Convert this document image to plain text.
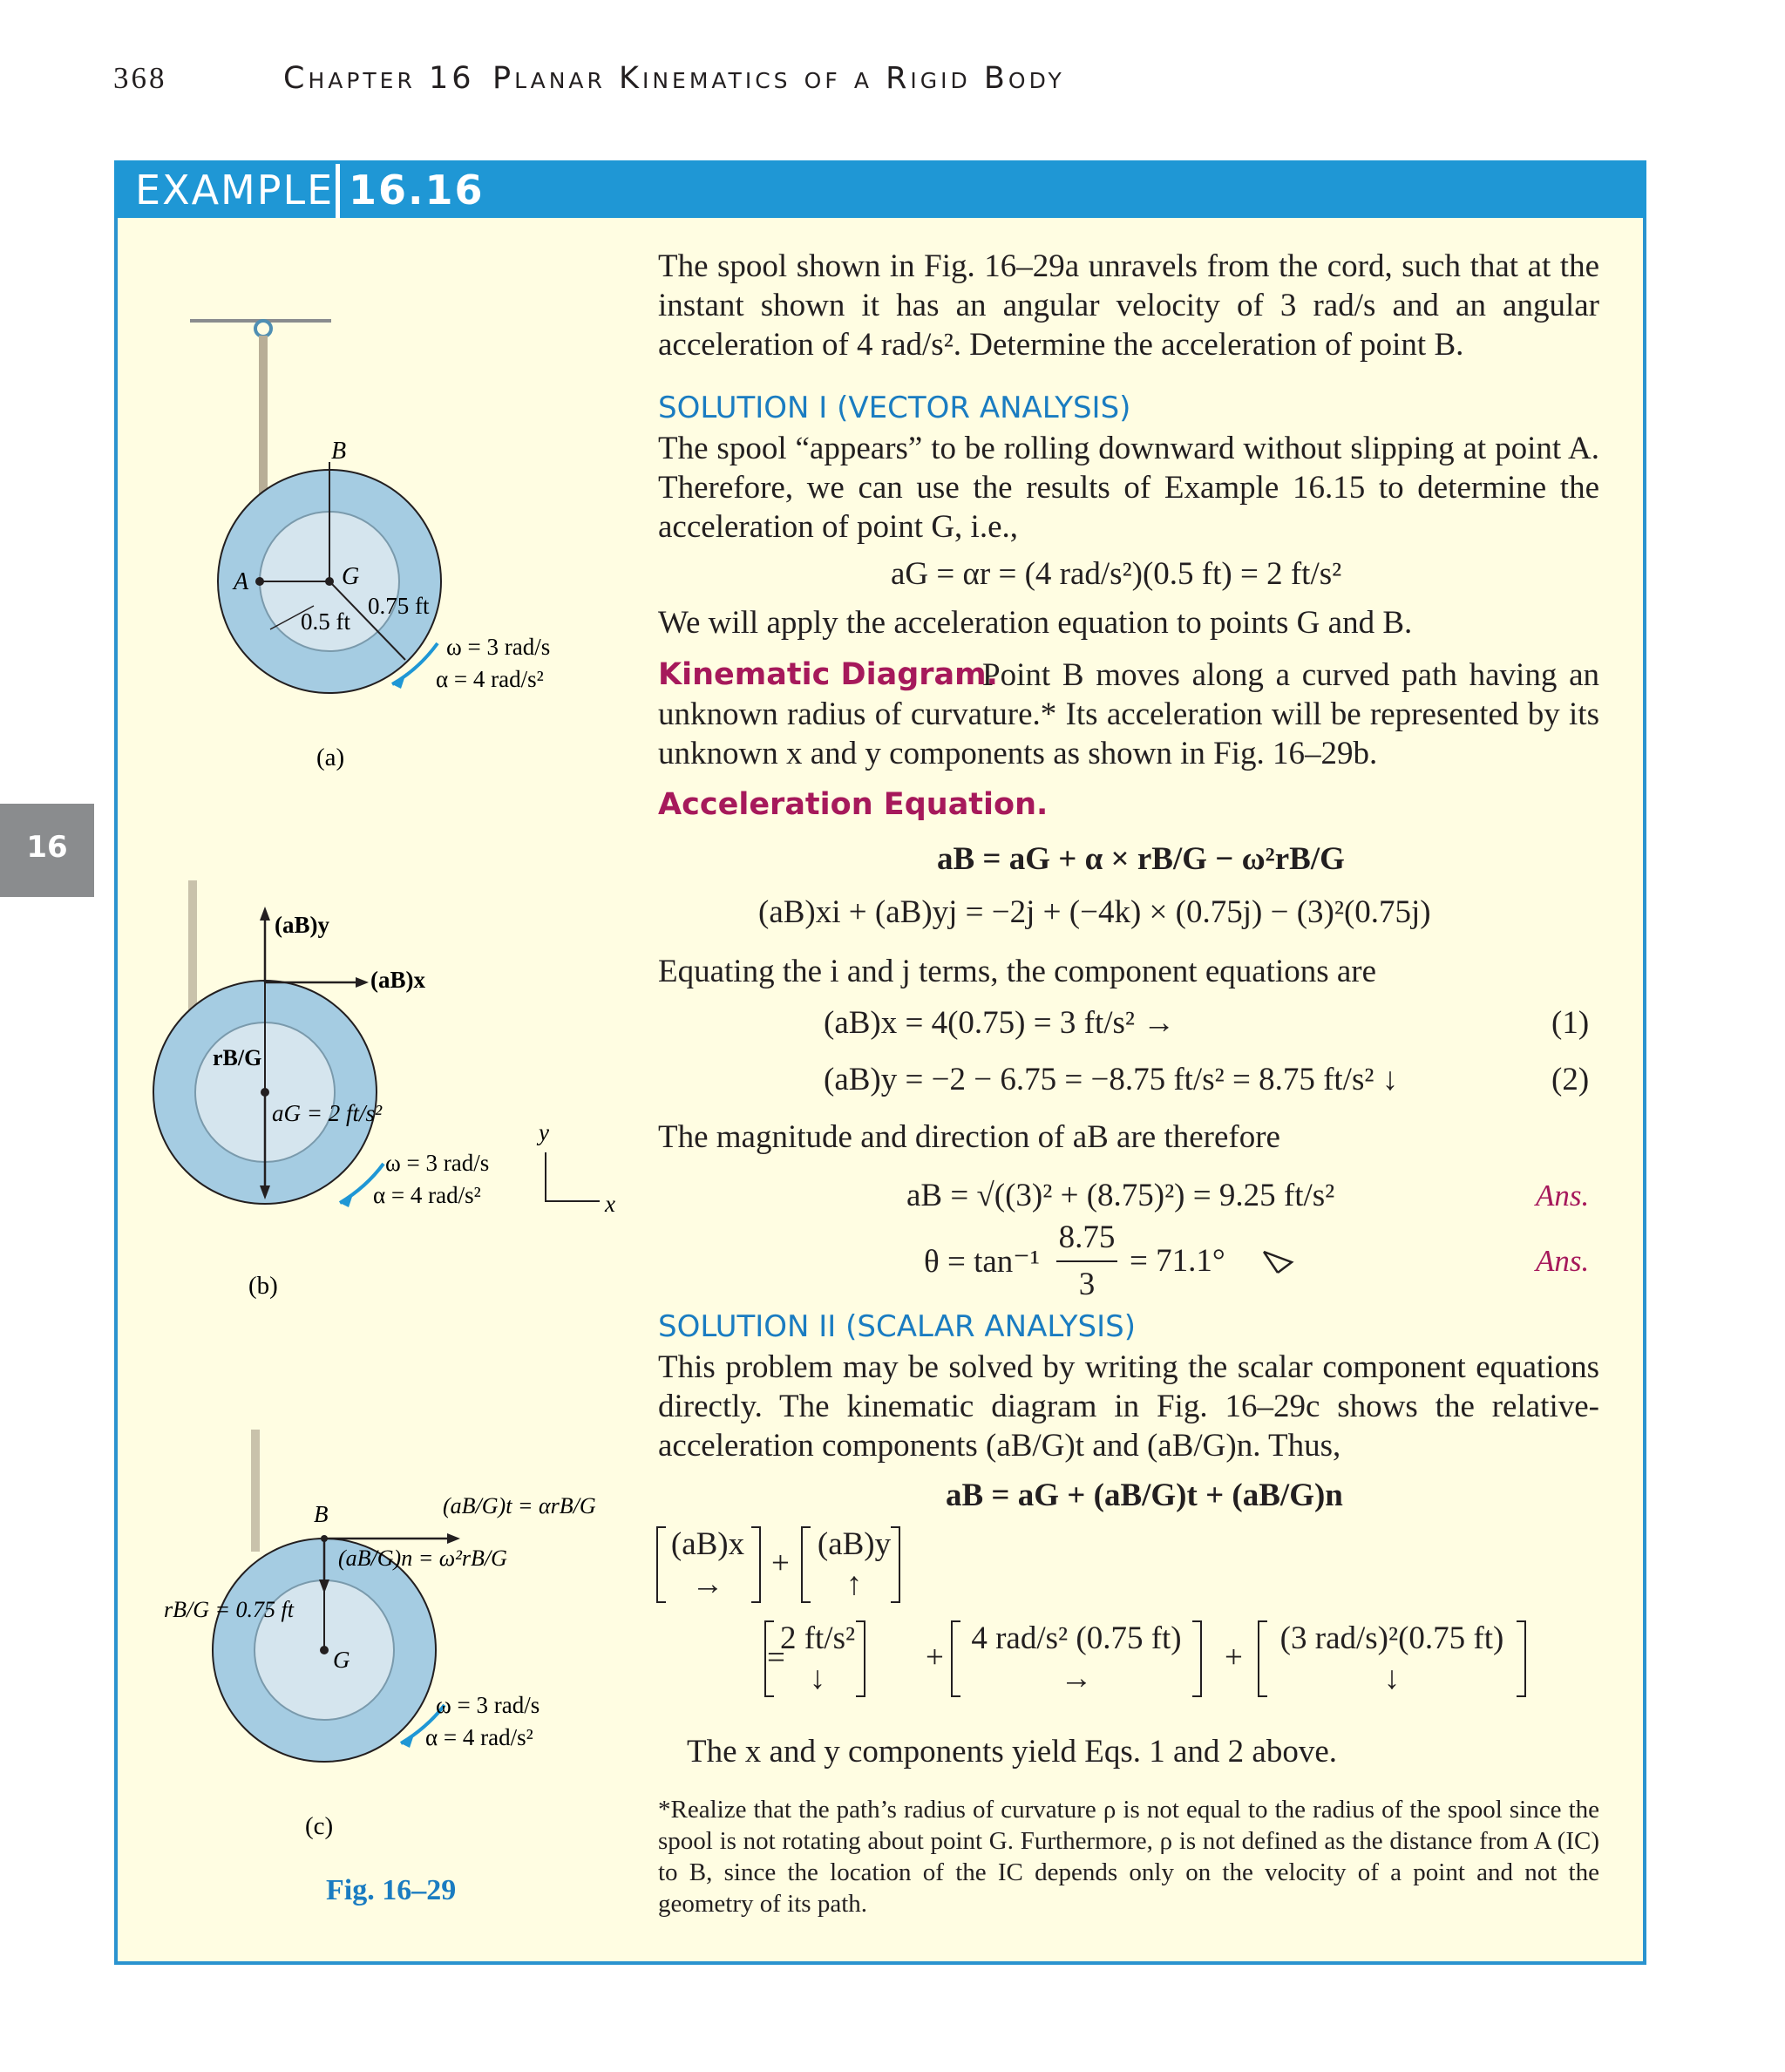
368	Chapter 16 Planar Kinematics of a Rigid Body
16
EXAMPLE 16.16
The spool shown in Fig. 16–29a unravels from the cord, such that at the instant shown it has an angular velocity of 3 rad/s and an angular acceleration of 4 rad/s². Determine the acceleration of point B.
SOLUTION I (VECTOR ANALYSIS)
The spool “appears” to be rolling downward without slipping at point A. Therefore, we can use the results of Example 16.15 to determine the acceleration of point G, i.e.,
aG = αr = (4 rad/s²)(0.5 ft) = 2 ft/s²
We will apply the acceleration equation to points G and B.
Kinematic Diagram.
Point B moves along a curved path having an unknown radius of curvature.* Its acceleration will be represented by its unknown x and y components as shown in Fig. 16–29b.
Acceleration Equation.
aB = aG + α × rB/G − ω²rB/G
(aB)xi + (aB)yj = −2j + (−4k) × (0.75j) − (3)²(0.75j)
Equating the i and j terms, the component equations are
(aB)x = 4(0.75) = 3 ft/s² →	(1)
(aB)y = −2 − 6.75 = −8.75 ft/s² = 8.75 ft/s² ↓	(2)
The magnitude and direction of aB are therefore
aB = √((3)² + (8.75)²) = 9.25 ft/s²	Ans.
θ = tan⁻¹
8.75
3
= 71.1°	Ans.
SOLUTION II (SCALAR ANALYSIS)
This problem may be solved by writing the scalar component equations directly. The kinematic diagram in Fig. 16–29c shows the relative-acceleration components (aB/G)t and (aB/G)n. Thus,
aB = aG + (aB/G)t + (aB/G)n
(aB)x
→
+
(aB)y
↑
=
2 ft/s²
↓
+
4 rad/s² (0.75 ft)
→
+
(3 rad/s)²(0.75 ft)
↓
The x and y components yield Eqs. 1 and 2 above.
*Realize that the path’s radius of curvature ρ is not equal to the radius of the spool since the spool is not rotating about point G. Furthermore, ρ is not defined as the distance from A (IC) to B, since the location of the IC depends only on the velocity of a point and not the geometry of its path.
B
A	G
0.5 ft
0.75 ft
ω = 3 rad/s
α = 4 rad/s²
(a)
(aB)y
(aB)x
rB/G
aG = 2 ft/s²
ω = 3 rad/s
α = 4 rad/s²
y
x
(b)
B
G
(aB/G)t = αrB/G
(aB/G)n = ω²rB/G
rB/G = 0.75 ft
ω = 3 rad/s
α = 4 rad/s²
(c)
Fig. 16–29
